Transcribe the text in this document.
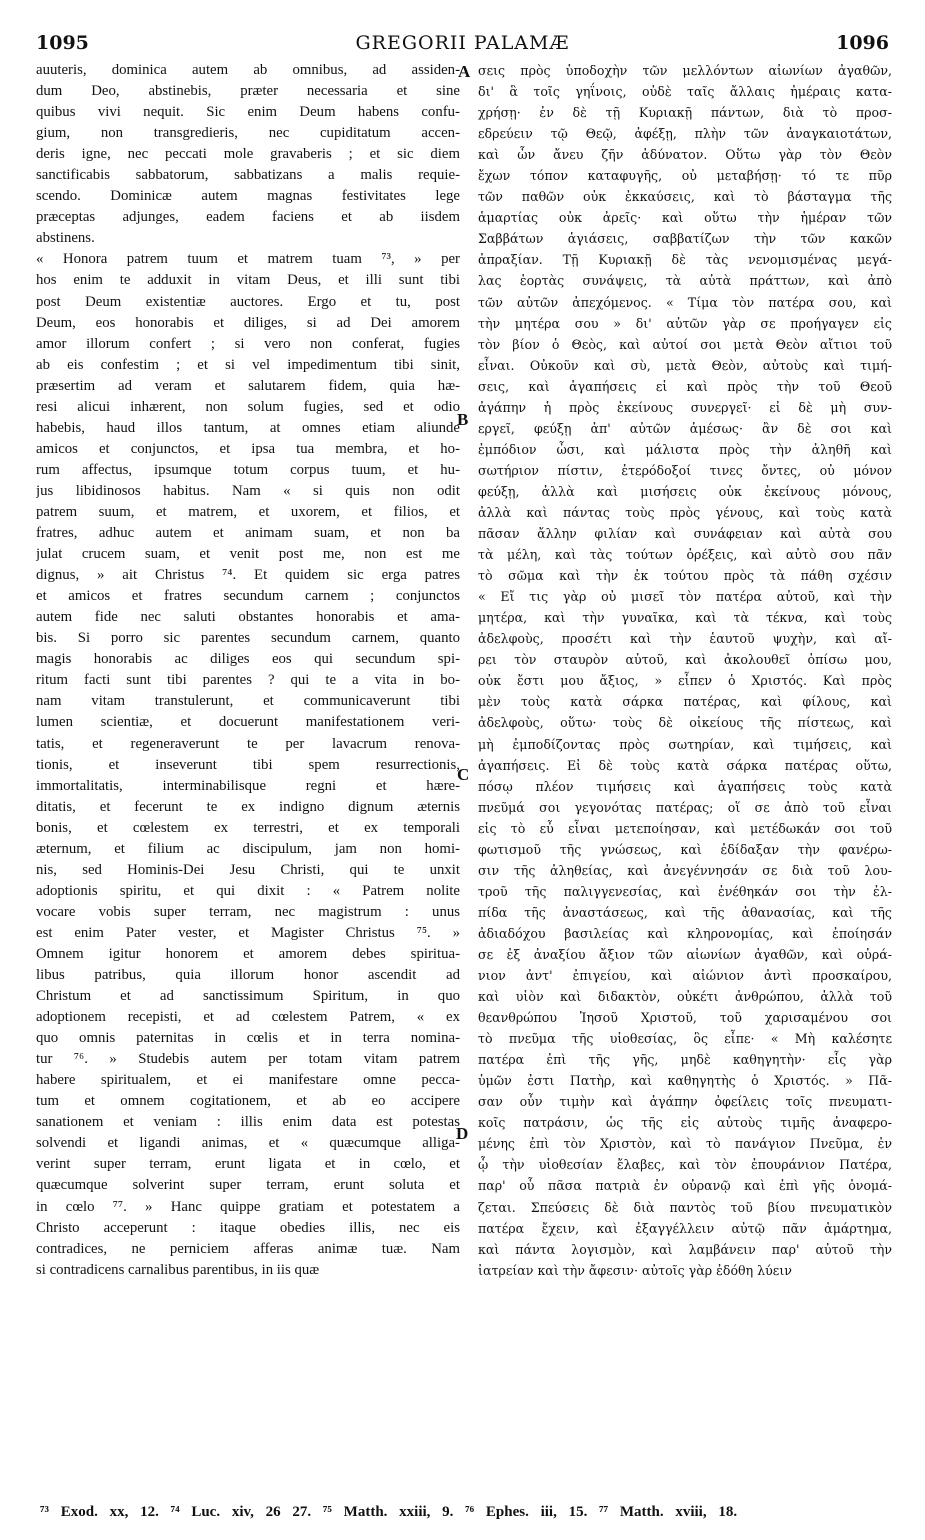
1095	GREGORII PALAMÆ	1096
auuteris, dominica autem ab omnibus, ad assiden-
dum Deo, abstinebis, præter necessaria et sine
quibus vivi nequit. Sic enim Deum habens confu-
gium, non transgredieris, nec cupiditatum accen-
deris igne, nec peccati mole gravaberis ; et sic diem
sanctificabis sabbatorum, sabbatizans a malis requie-
scendo. Dominicæ autem magnas festivitates lege
præceptas adjunges, eadem faciens et ab iisdem
abstinens.
« Honora patrem tuum et matrem tuam ⁷³, » per
hos enim te adduxit in vitam Deus, et illi sunt tibi
post Deum existentiæ auctores. Ergo et tu, post
Deum, eos honorabis et diliges, si ad Dei amorem
amor illorum confert ; si vero non conferat, fugies
ab eis confestim ; et si vel impedimentum tibi sinit,
præsertim ad veram et salutarem fidem, quia hæ-
resi alicui inhærent, non solum fugies, sed et odio
habebis, haud illos tantum, at omnes etiam aliunde
amicos et conjunctos, et ipsa tua membra, et ho-
rum affectus, ipsumque totum corpus tuum, et hu-
jus libidinosos habitus. Nam « si quis non odit
patrem suum, et matrem, et uxorem, et filios, et
fratres, adhuc autem et animam suam, et non ba
julat crucem suam, et venit post me, non est me
dignus, » ait Christus ⁷⁴. Et quidem sic erga patres
et amicos et fratres secundum carnem ; conjunctos
autem fide nec saluti obstantes honorabis et ama-
bis. Si porro sic parentes secundum carnem, quanto
magis honorabis ac diliges eos qui secundum spi-
ritum facti sunt tibi parentes ? qui te a vita in bo-
nam vitam transtulerunt, et communicaverunt tibi
lumen scientiæ, et docuerunt manifestationem veri-
tatis, et regeneraverunt te per lavacrum renova-
tionis, et inseverunt tibi spem resurrectionis,
immortalitatis, interminabilisque regni et hære-
ditatis, et fecerunt te ex indigno dignum æternis
bonis, et cœlestem ex terrestri, et ex temporali
æternum, et filium ac discipulum, jam non homi-
nis, sed Hominis-Dei Jesu Christi, qui te unxit
adoptionis spiritu, et qui dixit : « Patrem nolite
vocare vobis super terram, nec magistrum : unus
est enim Pater vester, et Magister Christus ⁷⁵. »
Omnem igitur honorem et amorem debes spiritua-
libus patribus, quia illorum honor ascendit ad
Christum et ad sanctissimum Spiritum, in quo
adoptionem recepisti, et ad cœlestem Patrem, « ex
quo omnis paternitas in cœlis et in terra nomina-
tur ⁷⁶. » Studebis autem per totam vitam patrem
habere spiritualem, et ei manifestare omne pecca-
tum et omnem cogitationem, et ab eo accipere
sanationem et veniam : illis enim data est potestas
solvendi et ligandi animas, et « quæcumque alliga-
verint super terram, erunt ligata et in cœlo, et
quæcumque solverint super terram, erunt soluta et
in cœlo ⁷⁷. » Hanc quippe gratiam et potestatem a
Christo acceperunt : itaque obedies illis, nec eis
contradices, ne perniciem afferas animæ tuæ. Nam
si contradicens carnalibus parentibus, in iis quæ
A
B
C
D
σεις πρὸς ὑποδοχὴν τῶν μελλόντων αἰωνίων ἀγαθῶν,
δι' ἃ τοῖς γηΐνοις, οὐδὲ ταῖς ἄλλαις ἡμέραις κατα-
χρήσῃ· ἐν δὲ τῇ Κυριακῇ πάντων, διὰ τὸ προσ-
εδρεύειν τῷ Θεῷ, ἀφέξῃ, πλὴν τῶν ἀναγκαιοτάτων,
καὶ ὧν ἄνευ ζῆν ἀδύνατον. Οὕτω γὰρ τὸν Θεὸν
ἔχων τόπον καταφυγῆς, οὐ μεταβήσῃ· τό τε πῦρ
τῶν παθῶν οὐκ ἐκκαύσεις, καὶ τὸ βάσταγμα τῆς
ἁμαρτίας οὐκ ἀρεῖς· καὶ οὕτω τὴν ἡμέραν τῶν
Σαββάτων ἁγιάσεις, σαββατίζων τὴν τῶν κακῶν
ἀπραξίαν. Τῇ Κυριακῇ δὲ τὰς νενομισμένας μεγά-
λας ἑορτὰς συνάψεις, τὰ αὐτὰ πράττων, καὶ ἀπὸ
τῶν αὐτῶν ἀπεχόμενος. « Τίμα τὸν πατέρα σου, καὶ
τὴν μητέρα σου » δι' αὐτῶν γὰρ σε προήγαγεν εἰς
τὸν βίον ὁ Θεὸς, καὶ αὐτοί σοι μετὰ Θεὸν αἴτιοι τοῦ
εἶναι. Οὐκοῦν καὶ σὺ, μετὰ Θεὸν, αὐτοὺς καὶ τιμή-
σεις, καὶ ἀγαπήσεις εἰ καὶ πρὸς τὴν τοῦ Θεοῦ
ἀγάπην ἡ πρὸς ἐκείνους συνεργεῖ· εἰ δὲ μὴ συν-
εργεῖ, φεύξῃ ἀπ' αὐτῶν ἀμέσως· ἂν δὲ σοι καὶ
ἐμπόδιον ὦσι, καὶ μάλιστα πρὸς τὴν ἀληθῆ καὶ
σωτήριον πίστιν, ἑτερόδοξοί τινες ὄντες, οὐ μόνον
φεύξῃ, ἀλλὰ καὶ μισήσεις οὐκ ἐκείνους μόνους,
ἀλλὰ καὶ πάντας τοὺς πρὸς γένους, καὶ τοὺς κατὰ
πᾶσαν ἄλλην φιλίαν καὶ συνάφειαν καὶ αὐτὰ σου
τὰ μέλη, καὶ τὰς τούτων ὀρέξεις, καὶ αὐτὸ σου πᾶν
τὸ σῶμα καὶ τὴν ἐκ τούτου πρὸς τὰ πάθη σχέσιν
« Εἴ τις γὰρ οὐ μισεῖ τὸν πατέρα αὐτοῦ, καὶ τὴν
μητέρα, καὶ τὴν γυναῖκα, καὶ τὰ τέκνα, καὶ τοὺς
ἀδελφοὺς, προσέτι καὶ τὴν ἑαυτοῦ ψυχὴν, καὶ αἴ-
ρει τὸν σταυρὸν αὐτοῦ, καὶ ἀκολουθεῖ ὀπίσω μου,
οὐκ ἔστι μου ἄξιος, » εἶπεν ὁ Χριστός. Καὶ πρὸς
μὲν τοὺς κατὰ σάρκα πατέρας, καὶ φίλους, καὶ
ἀδελφοὺς, οὕτω· τοὺς δὲ οἰκείους τῆς πίστεως, καὶ
μὴ ἐμποδίζοντας πρὸς σωτηρίαν, καὶ τιμήσεις, καὶ
ἀγαπήσεις. Εἰ δὲ τοὺς κατὰ σάρκα πατέρας οὕτω,
πόσῳ πλέον τιμήσεις καὶ ἀγαπήσεις τοὺς κατὰ
πνεῦμά σοι γεγονότας πατέρας; οἵ σε ἀπὸ τοῦ εἶναι
εἰς τὸ εὖ εἶναι μετεποίησαν, καὶ μετέδωκάν σοι τοῦ
φωτισμοῦ τῆς γνώσεως, καὶ ἐδίδαξαν τὴν φανέρω-
σιν τῆς ἀληθείας, καὶ ἀνεγέννησάν σε διὰ τοῦ λου-
τροῦ τῆς παλιγγενεσίας, καὶ ἐνέθηκάν σοι τὴν ἐλ-
πίδα τῆς ἀναστάσεως, καὶ τῆς ἀθανασίας, καὶ τῆς
ἀδιαδόχου βασιλείας καὶ κληρονομίας, καὶ ἐποίησάν
σε ἐξ ἀναξίου ἄξιον τῶν αἰωνίων ἀγαθῶν, καὶ οὐρά-
νιον ἀντ' ἐπιγείου, καὶ αἰώνιον ἀντὶ προσκαίρου,
καὶ υἱὸν καὶ διδακτὸν, οὐκέτι ἀνθρώπου, ἀλλὰ τοῦ
θεανθρώπου Ἰησοῦ Χριστοῦ, τοῦ χαρισαμένου σοι
τὸ πνεῦμα τῆς υἱοθεσίας, ὃς εἶπε· « Μὴ καλέσητε
πατέρα ἐπὶ τῆς γῆς, μηδὲ καθηγητὴν· εἷς γὰρ
ὑμῶν ἐστι Πατὴρ, καὶ καθηγητὴς ὁ Χριστός. » Πᾶ-
σαν οὖν τιμὴν καὶ ἀγάπην ὀφείλεις τοῖς πνευματι-
κοῖς πατράσιν, ὡς τῆς εἰς αὐτοὺς τιμῆς ἀναφερο-
μένης ἐπὶ τὸν Χριστὸν, καὶ τὸ πανάγιον Πνεῦμα, ἐν
ᾧ τὴν υἱοθεσίαν ἔλαβες, καὶ τὸν ἐπουράνιον Πατέρα,
παρ' οὗ πᾶσα πατριὰ ἐν οὐρανῷ καὶ ἐπὶ γῆς ὀνομά-
ζεται. Σπεύσεις δὲ διὰ παντὸς τοῦ βίου πνευματικὸν
πατέρα ἔχειν, καὶ ἐξαγγέλλειν αὐτῷ πᾶν ἁμάρτημα,
καὶ πάντα λογισμὸν, καὶ λαμβάνειν παρ' αὐτοῦ τὴν
ἰατρείαν καὶ τὴν ἄφεσιν· αὐτοῖς γὰρ ἐδόθη λύειν
⁷³ Exod. xx, 12. ⁷⁴ Luc. xiv, 26 27. ⁷⁵ Matth. xxiii, 9. ⁷⁶ Ephes. iii, 15. ⁷⁷ Matth. xviii, 18.
